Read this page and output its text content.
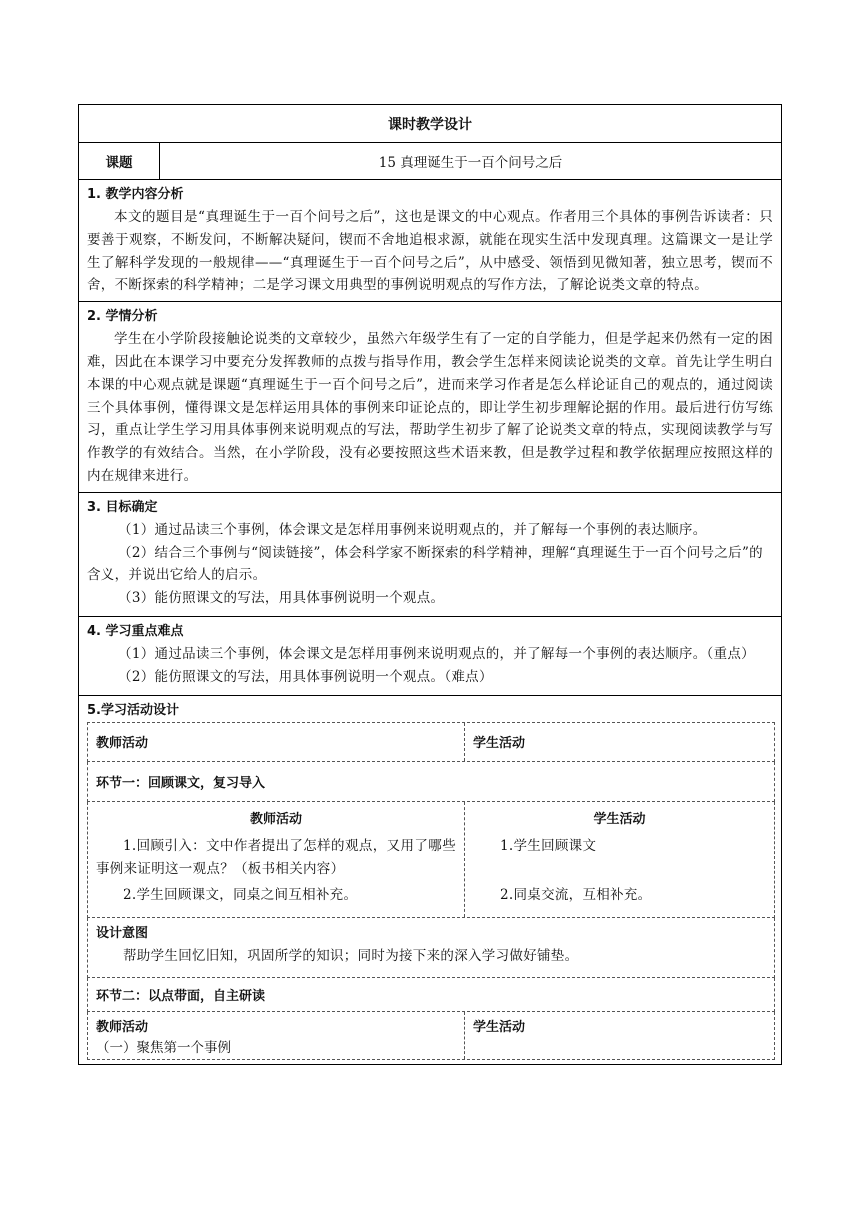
课时教学设计
课题	15 真理诞生于一百个问号之后
1. 教学内容分析

本文的题目是“真理诞生于一百个问号之后”，这也是课文的中心观点。作者用三个具体的事例告诉读者：只要善于观察，不断发问，不断解决疑问，锲而不舍地追根求源，就能在现实生活中发现真理。这篇课文一是让学生了解科学发现的一般规律——“真理诞生于一百个问号之后”，从中感受、领悟到见微知著，独立思考，锲而不舍，不断探索的科学精神；二是学习课文用典型的事例说明观点的写作方法，了解论说类文章的特点。

2. 学情分析

学生在小学阶段接触论说类的文章较少，虽然六年级学生有了一定的自学能力，但是学起来仍然有一定的困难，因此在本课学习中要充分发挥教师的点拨与指导作用，教会学生怎样来阅读论说类的文章。首先让学生明白本课的中心观点就是课题“真理诞生于一百个问号之后”，进而来学习作者是怎么样论证自己的观点的，通过阅读三个具体事例，懂得课文是怎样运用具体的事例来印证论点的，即让学生初步理解论据的作用。最后进行仿写练习，重点让学生学习用具体事例来说明观点的写法，帮助学生初步了解了论说类文章的特点，实现阅读教学与写作教学的有效结合。当然，在小学阶段，没有必要按照这些术语来教，但是教学过程和教学依据理应按照这样的内在规律来进行。

3. 目标确定

（1）通过品读三个事例，体会课文是怎样用事例来说明观点的，并了解每一个事例的表达顺序。

（2）结合三个事例与“阅读链接”，体会科学家不断探索的科学精神，理解“真理诞生于一百个问号之后”的含义，并说出它给人的启示。

（3）能仿照课文的写法，用具体事例说明一个观点。

4. 学习重点难点

（1）通过品读三个事例，体会课文是怎样用事例来说明观点的，并了解每一个事例的表达顺序。（重点）

（2）能仿照课文的写法，用具体事例说明一个观点。（难点）

5.学习活动设计
教师活动	学生活动
环节一：回顾课文，复习导入
教师活动

1.回顾引入：文中作者提出了怎样的观点，又用了哪些事例来证明这一观点？（板书相关内容）

2.学生回顾课文，同桌之间互相补充。

学生活动

1.学生回顾课文

2.同桌交流，互相补充。

设计意图

帮助学生回忆旧知，巩固所学的知识；同时为接下来的深入学习做好铺垫。

环节二：以点带面，自主研读
教师活动
（一）聚焦第一个事例
学生活动
